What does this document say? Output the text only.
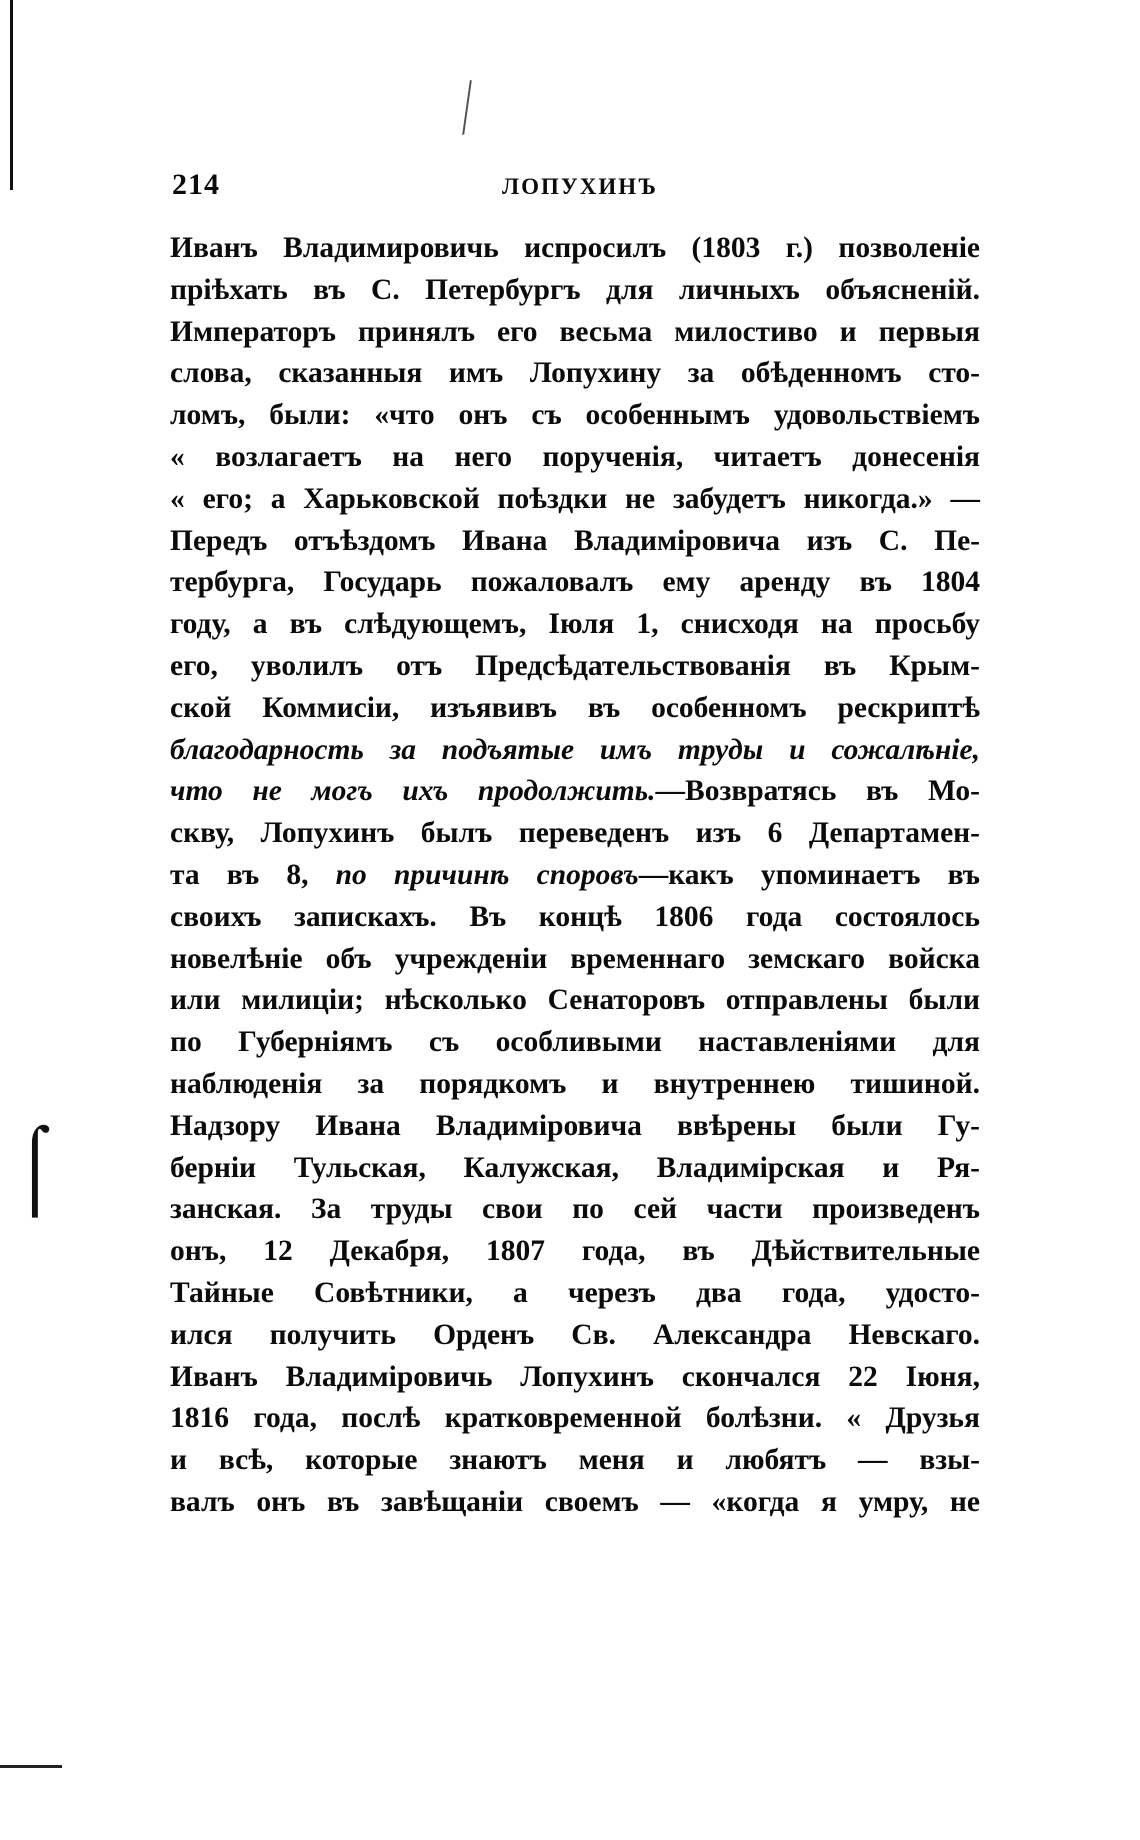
⌠
214	ЛОПУХИНЪ
Иванъ Владимировичь испросилъ (1803 г.) позволеніе
пріѣхать въ С. Петербургъ для личныхъ объясненій.
Императоръ принялъ его весьма милостиво и первыя
слова, сказанныя имъ Лопухину за обѣденномъ сто-
ломъ, были: «что онъ съ особеннымъ удовольствіемъ
« возлагаетъ на него порученія, читаетъ донесенія
« его; а Харьковской поѣздки не забудетъ никогда.» —
Передъ отъѣздомъ Ивана Владиміровича изъ С. Пе-
тербурга, Государь пожаловалъ ему аренду въ 1804
году, а въ слѣдующемъ, Іюля 1, снисходя на просьбу
его, уволилъ отъ Предсѣдательствованія въ Крым-
ской Коммисіи, изъявивъ въ особенномъ рескриптѣ
благодарность за подъятые имъ труды и сожалѣніе,
что не могъ ихъ продолжить.—Возвратясь въ Мо-
скву, Лопухинъ былъ переведенъ изъ 6 Департамен-
та въ 8, по причинѣ споровъ—какъ упоминаетъ въ
своихъ запискахъ. Въ концѣ 1806 года состоялось
новелѣніе объ учрежденіи временнаго земскаго войска
или милиціи; нѣсколько Сенаторовъ отправлены были
по Губерніямъ съ особливыми наставленіями для
наблюденія за порядкомъ и внутреннею тишиной.
Надзору Ивана Владиміровича ввѣрены были Гу-
берніи Тульская, Калужская, Владимірская и Ря-
занская. За труды свои по сей части произведенъ
онъ, 12 Декабря, 1807 года, въ Дѣйствительные
Тайные Совѣтники, а черезъ два года, удосто-
ился получить Орденъ Св. Александра Невскаго.
Иванъ Владиміровичь Лопухинъ скончался 22 Іюня,
1816 года, послѣ кратковременной болѣзни. « Друзья
и всѣ, которые знаютъ меня и любятъ — взы-
валъ онъ въ завѣщаніи своемъ — «когда я умру, не
